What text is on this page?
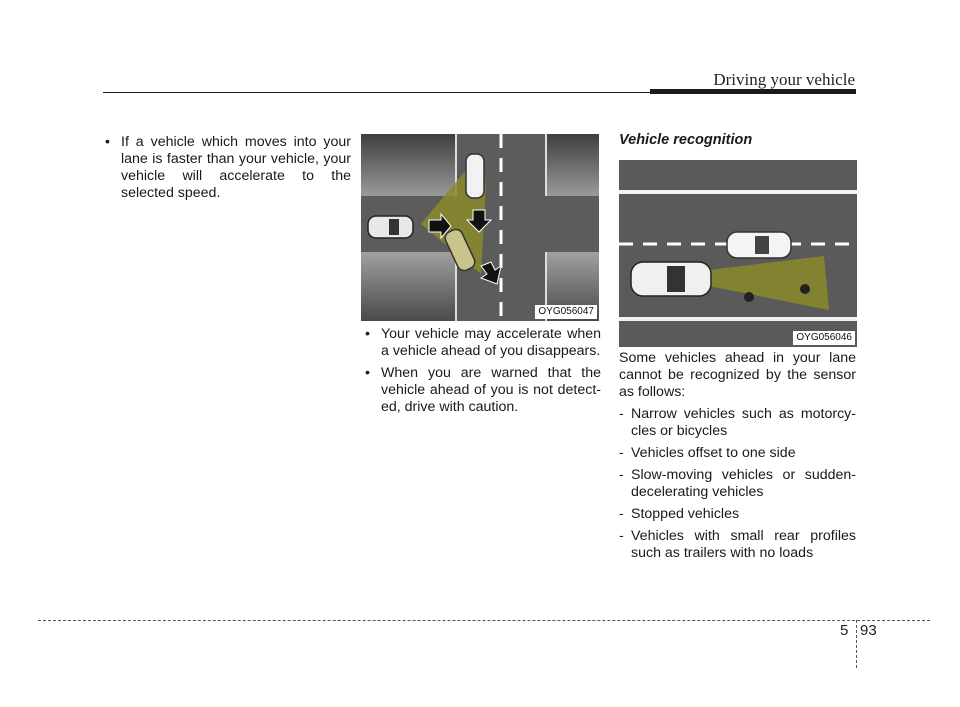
Driving your vehicle
• If a vehicle which moves into your lane is faster than your vehicle, your vehicle will accelerate to the selected speed.
OYG056047
• Your vehicle may accelerate when a vehicle ahead of you disappears.
• When you are warned that the vehicle ahead of you is not detect-ed, drive with caution.
Vehicle recognition
OYG056046
Some vehicles ahead in your lane cannot be recognized by the sensor as follows:
- Narrow vehicles such as motorcy-cles or bicycles
- Vehicles offset to one side
- Slow-moving vehicles or sudden-decelerating vehicles
- Stopped vehicles
- Vehicles with small rear profiles such as trailers with no loads
5 93
